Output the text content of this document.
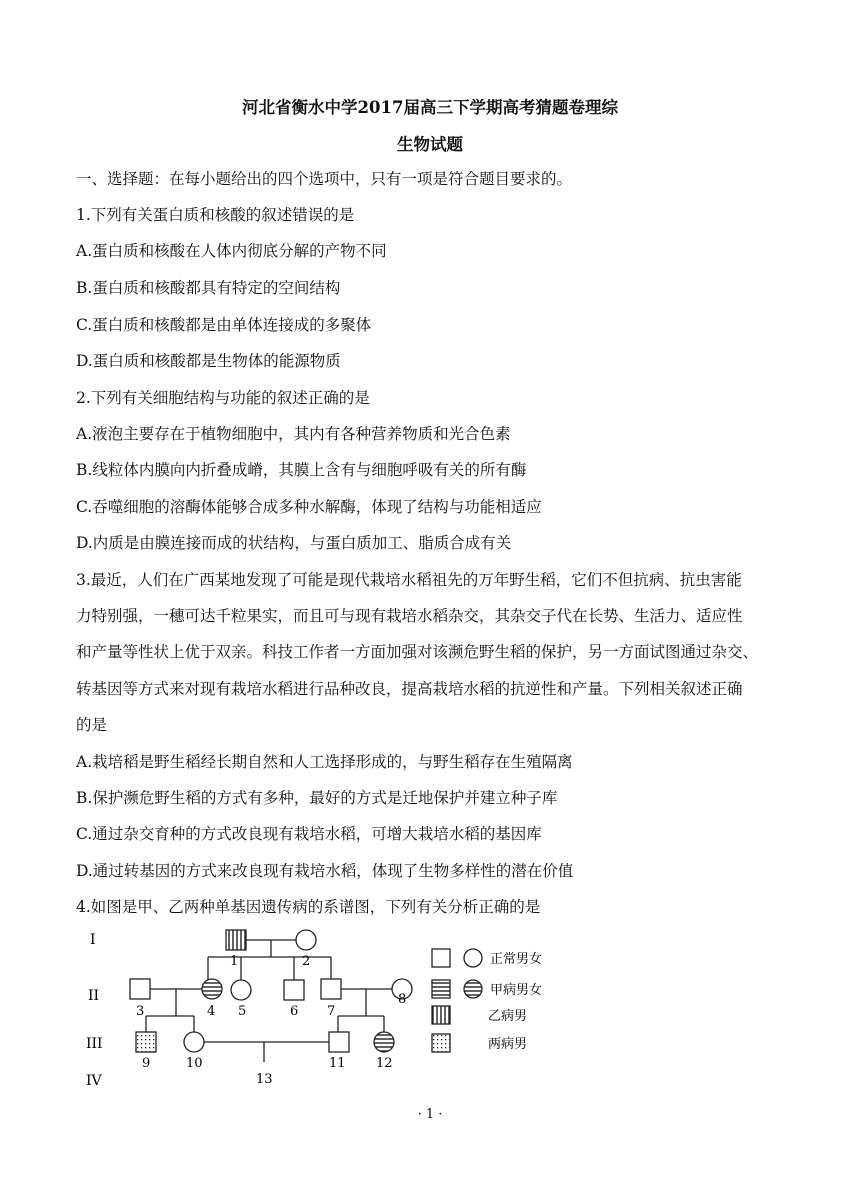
河北省衡水中学2017届高三下学期高考猜题卷理综
生物试题
一、选择题：在每小题给出的四个选项中，只有一项是符合题目要求的。
1.下列有关蛋白质和核酸的叙述错误的是
A.蛋白质和核酸在人体内彻底分解的产物不同
B.蛋白质和核酸都具有特定的空间结构
C.蛋白质和核酸都是由单体连接成的多聚体
D.蛋白质和核酸都是生物体的能源物质
2.下列有关细胞结构与功能的叙述正确的是
A.液泡主要存在于植物细胞中，其内有各种营养物质和光合色素
B.线粒体内膜向内折叠成嵴，其膜上含有与细胞呼吸有关的所有酶
C.吞噬细胞的溶酶体能够合成多种水解酶，体现了结构与功能相适应
D.内质是由膜连接而成的状结构，与蛋白质加工、脂质合成有关
3.最近，人们在广西某地发现了可能是现代栽培水稻祖先的万年野生稻，它们不但抗病、抗虫害能
力特别强，一穗可达千粒果实，而且可与现有栽培水稻杂交，其杂交子代在长势、生活力、适应性
和产量等性状上优于双亲。科技工作者一方面加强对该濒危野生稻的保护，另一方面试图通过杂交、
转基因等方式来对现有栽培水稻进行品种改良，提高栽培水稻的抗逆性和产量。下列相关叙述正确
的是
A.栽培稻是野生稻经长期自然和人工选择形成的，与野生稻存在生殖隔离
B.保护濒危野生稻的方式有多种，最好的方式是迁地保护并建立种子库
C.通过杂交育种的方式改良现有栽培水稻，可增大栽培水稻的基因库
D.通过转基因的方式来改良现有栽培水稻，体现了生物多样性的潜在价值
4.如图是甲、乙两种单基因遗传病的系谱图，下列有关分析正确的是
I
II
III
IV
1	2
3	4 5	6 7
8
9	10	11 12
13
正常男女
甲病男女
乙病男
两病男
· 1 ·
